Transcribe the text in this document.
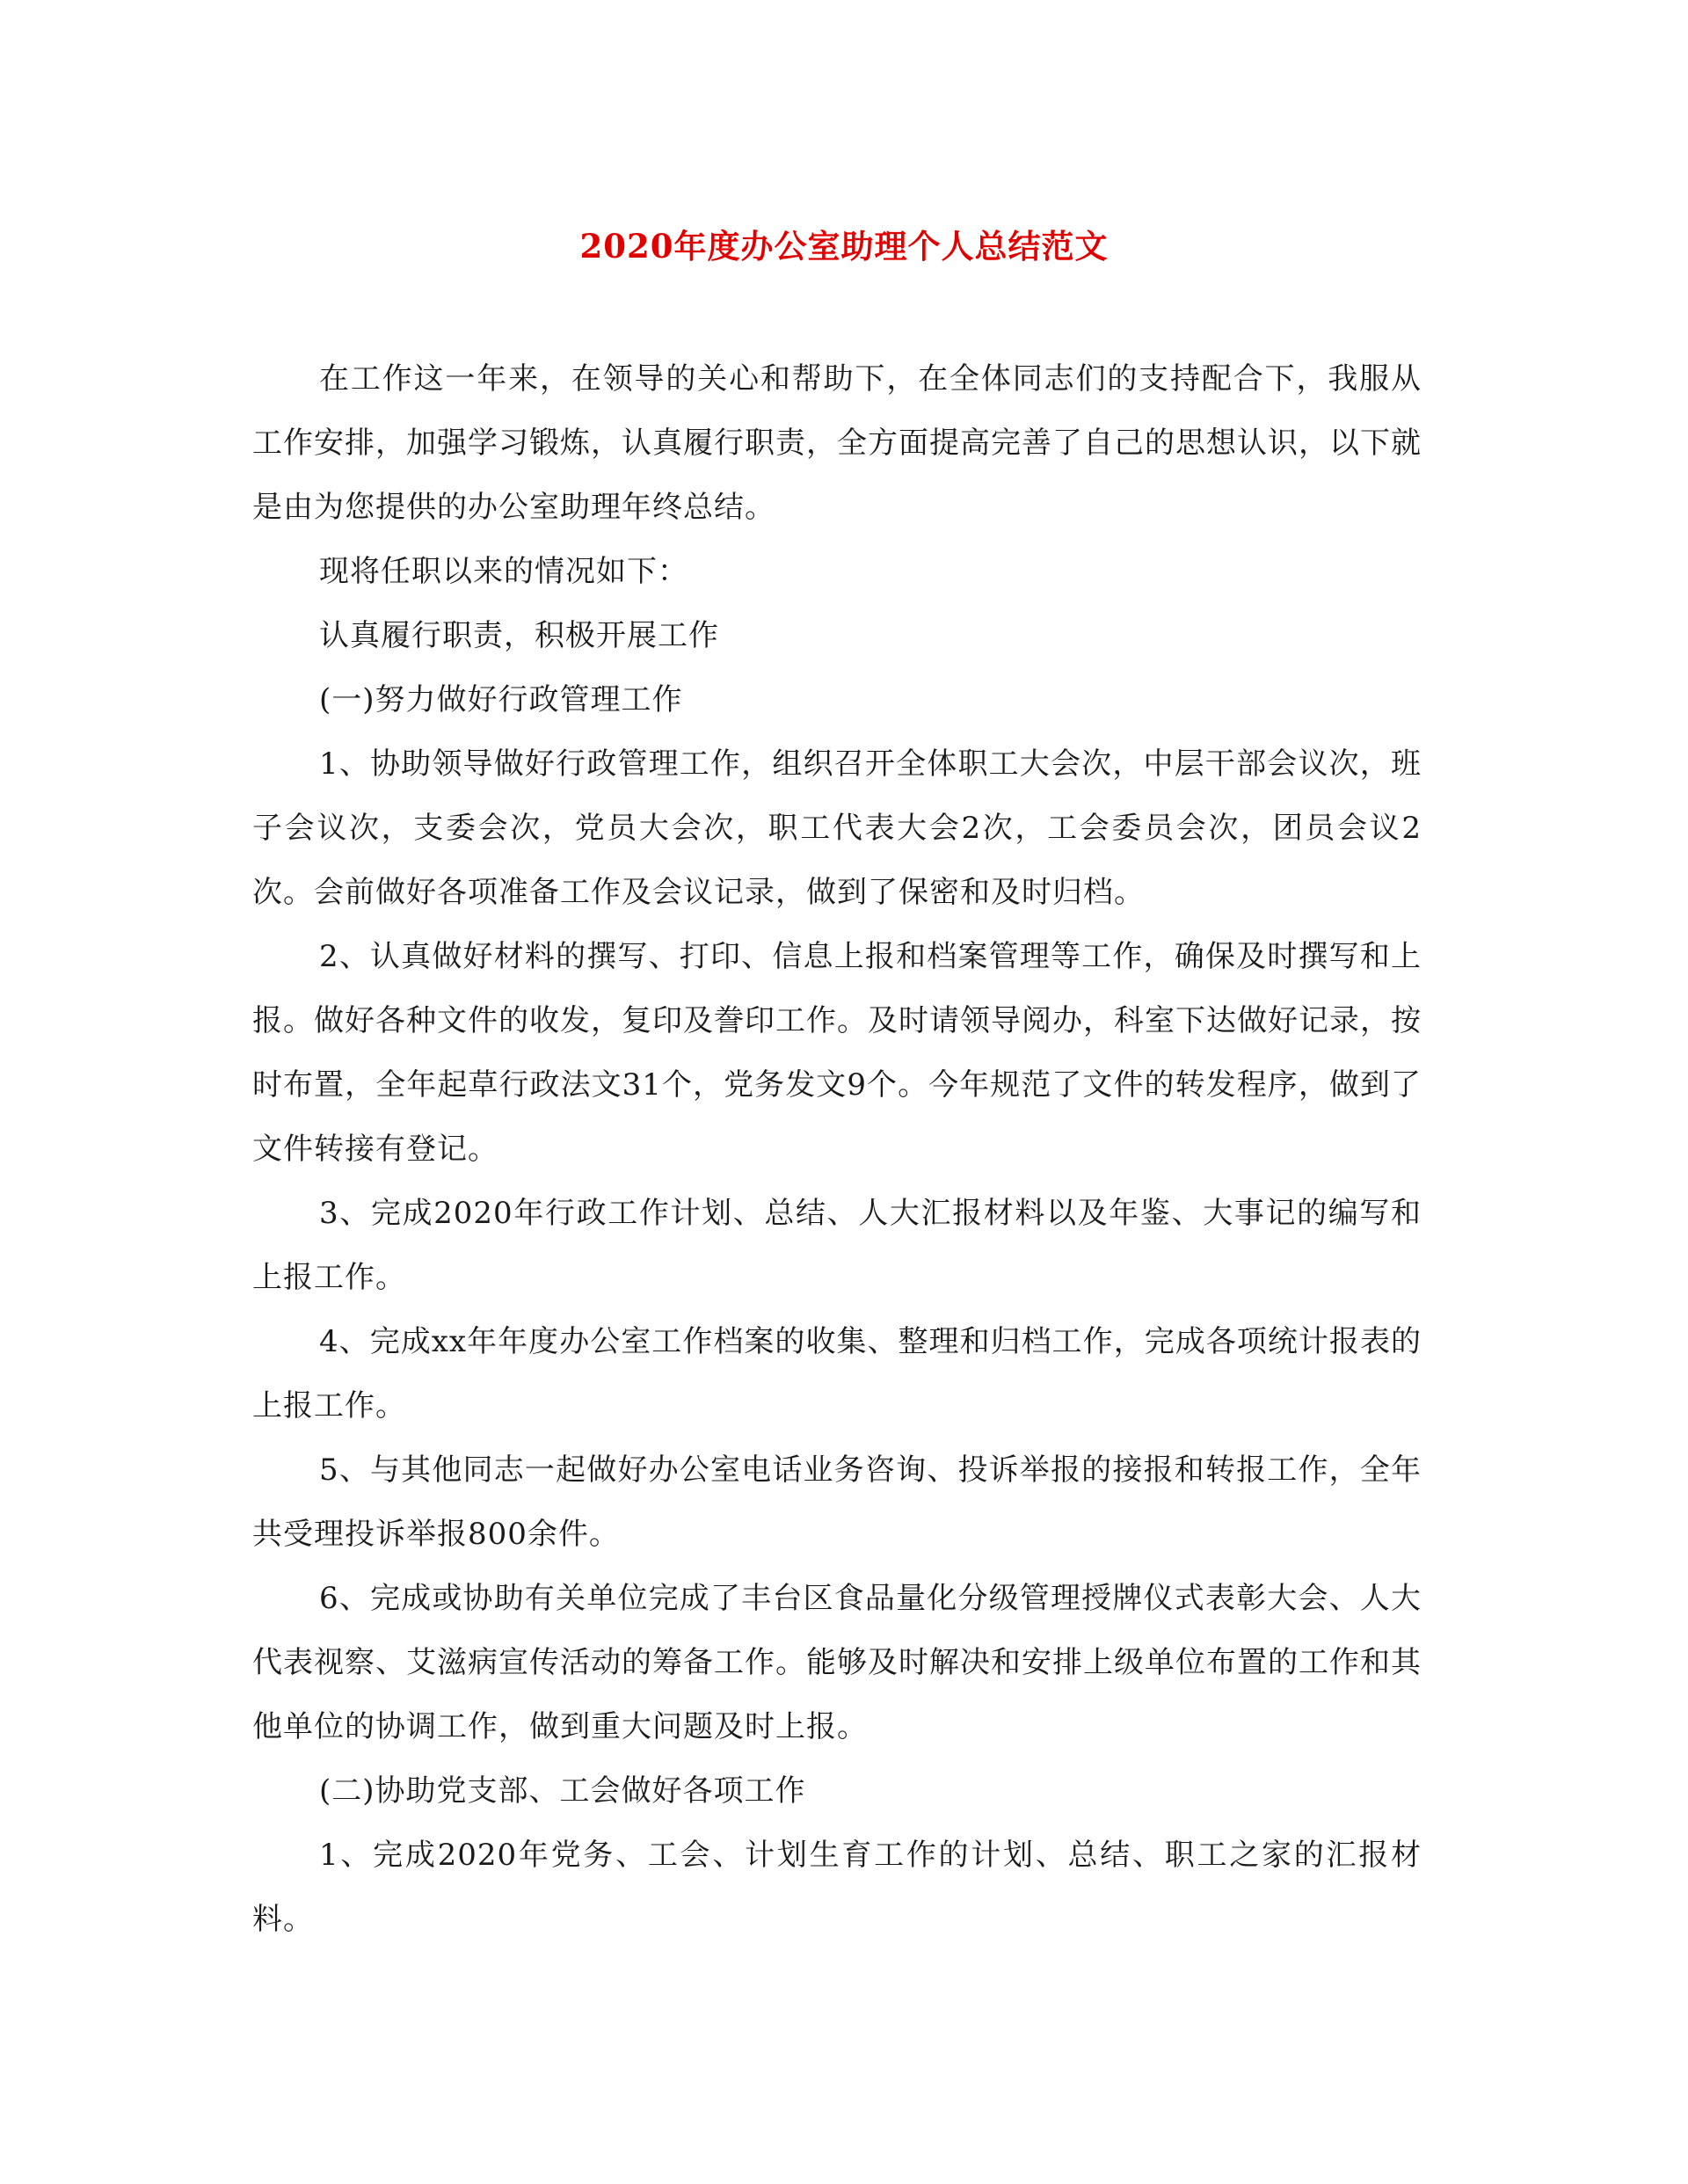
2020年度办公室助理个人总结范文

在工作这一年来，在领导的关心和帮助下，在全体同志们的支持配合下，我服从工作安排，加强学习锻炼，认真履行职责，全方面提高完善了自己的思想认识，以下就是由为您提供的办公室助理年终总结。

现将任职以来的情况如下：

认真履行职责，积极开展工作

(一)努力做好行政管理工作

1、协助领导做好行政管理工作，组织召开全体职工大会次，中层干部会议次，班子会议次，支委会次，党员大会次，职工代表大会2次，工会委员会次，团员会议2次。会前做好各项准备工作及会议记录，做到了保密和及时归档。

2、认真做好材料的撰写、打印、信息上报和档案管理等工作，确保及时撰写和上报。做好各种文件的收发，复印及誊印工作。及时请领导阅办，科室下达做好记录，按时布置，全年起草行政法文31个，党务发文9个。今年规范了文件的转发程序，做到了文件转接有登记。

3、完成2020年行政工作计划、总结、人大汇报材料以及年鉴、大事记的编写和上报工作。

4、完成xx年年度办公室工作档案的收集、整理和归档工作，完成各项统计报表的上报工作。

5、与其他同志一起做好办公室电话业务咨询、投诉举报的接报和转报工作，全年共受理投诉举报800余件。

6、完成或协助有关单位完成了丰台区食品量化分级管理授牌仪式表彰大会、人大代表视察、艾滋病宣传活动的筹备工作。能够及时解决和安排上级单位布置的工作和其他单位的协调工作，做到重大问题及时上报。

(二)协助党支部、工会做好各项工作

1、完成2020年党务、工会、计划生育工作的计划、总结、职工之家的汇报材料。
